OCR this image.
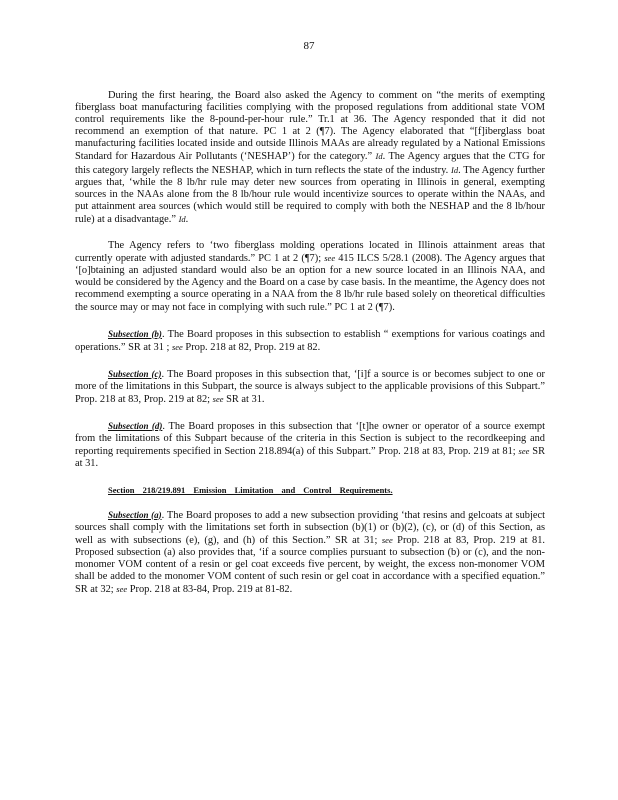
87

During the first hearing, the Board also asked the Agency to comment on “the merits of exempting fiberglass boat manufacturing facilities complying with the proposed regulations from additional state VOM control requirements like the 8-pound-per-hour rule.” Tr.1 at 36. The Agency responded that it did not recommend an exemption of that nature. PC 1 at 2 (¶7). The Agency elaborated that “[f]iberglass boat manufacturing facilities located inside and outside Illinois MAAs are already regulated by a National Emissions Standard for Hazardous Air Pollutants (‘NESHAP’) for the category.” Id. The Agency argues that the CTG for this category largely reflects the NESHAP, which in turn reflects the state of the industry. Id. The Agency further argues that, ‘while the 8 lb/hr rule may deter new sources from operating in Illinois in general, exempting sources in the NAAs alone from the 8 lb/hour rule would incentivize sources to operate within the NAAs, and put attainment area sources (which would still be required to comply with both the NESHAP and the 8 lb/hour rule) at a disadvantage.” Id.

The Agency refers to ‘two fiberglass molding operations located in Illinois attainment areas that currently operate with adjusted standards.” PC 1 at 2 (¶7); see 415 ILCS 5/28.1 (2008). The Agency argues that ‘[o]btaining an adjusted standard would also be an option for a new source located in an Illinois NAA, and would be considered by the Agency and the Board on a case by case basis. In the meantime, the Agency does not recommend exempting a source operating in a NAA from the 8 lb/hr rule based solely on theoretical difficulties the source may or may not face in complying with such rule.” PC 1 at 2 (¶7).

Subsection (b). The Board proposes in this subsection to establish “ exemptions for various coatings and operations.” SR at 31 ; see Prop. 218 at 82, Prop. 219 at 82.

Subsection (c). The Board proposes in this subsection that, ‘[i]f a source is or becomes subject to one or more of the limitations in this Subpart, the source is always subject to the applicable provisions of this Subpart.” Prop. 218 at 83, Prop. 219 at 82; see SR at 31.

Subsection (d). The Board proposes in this subsection that ‘[t]he owner or operator of a source exempt from the limitations of this Subpart because of the criteria in this Section is subject to the recordkeeping and reporting requirements specified in Section 218.894(a) of this Subpart.” Prop. 218 at 83, Prop. 219 at 81; see SR at 31.

Section 218/219.891 Emission Limitation and Control Requirements.

Subsection (a). The Board proposes to add a new subsection providing ‘that resins and gelcoats at subject sources shall comply with the limitations set forth in subsection (b)(1) or (b)(2), (c), or (d) of this Section, as well as with subsections (e), (g), and (h) of this Section.” SR at 31; see Prop. 218 at 83, Prop. 219 at 81. Proposed subsection (a) also provides that, ‘if a source complies pursuant to subsection (b) or (c), and the non-monomer VOM content of a resin or gel coat exceeds five percent, by weight, the excess non-monomer VOM shall be added to the monomer VOM content of such resin or gel coat in accordance with a specified equation.” SR at 32; see Prop. 218 at 83-84, Prop. 219 at 81-82.
